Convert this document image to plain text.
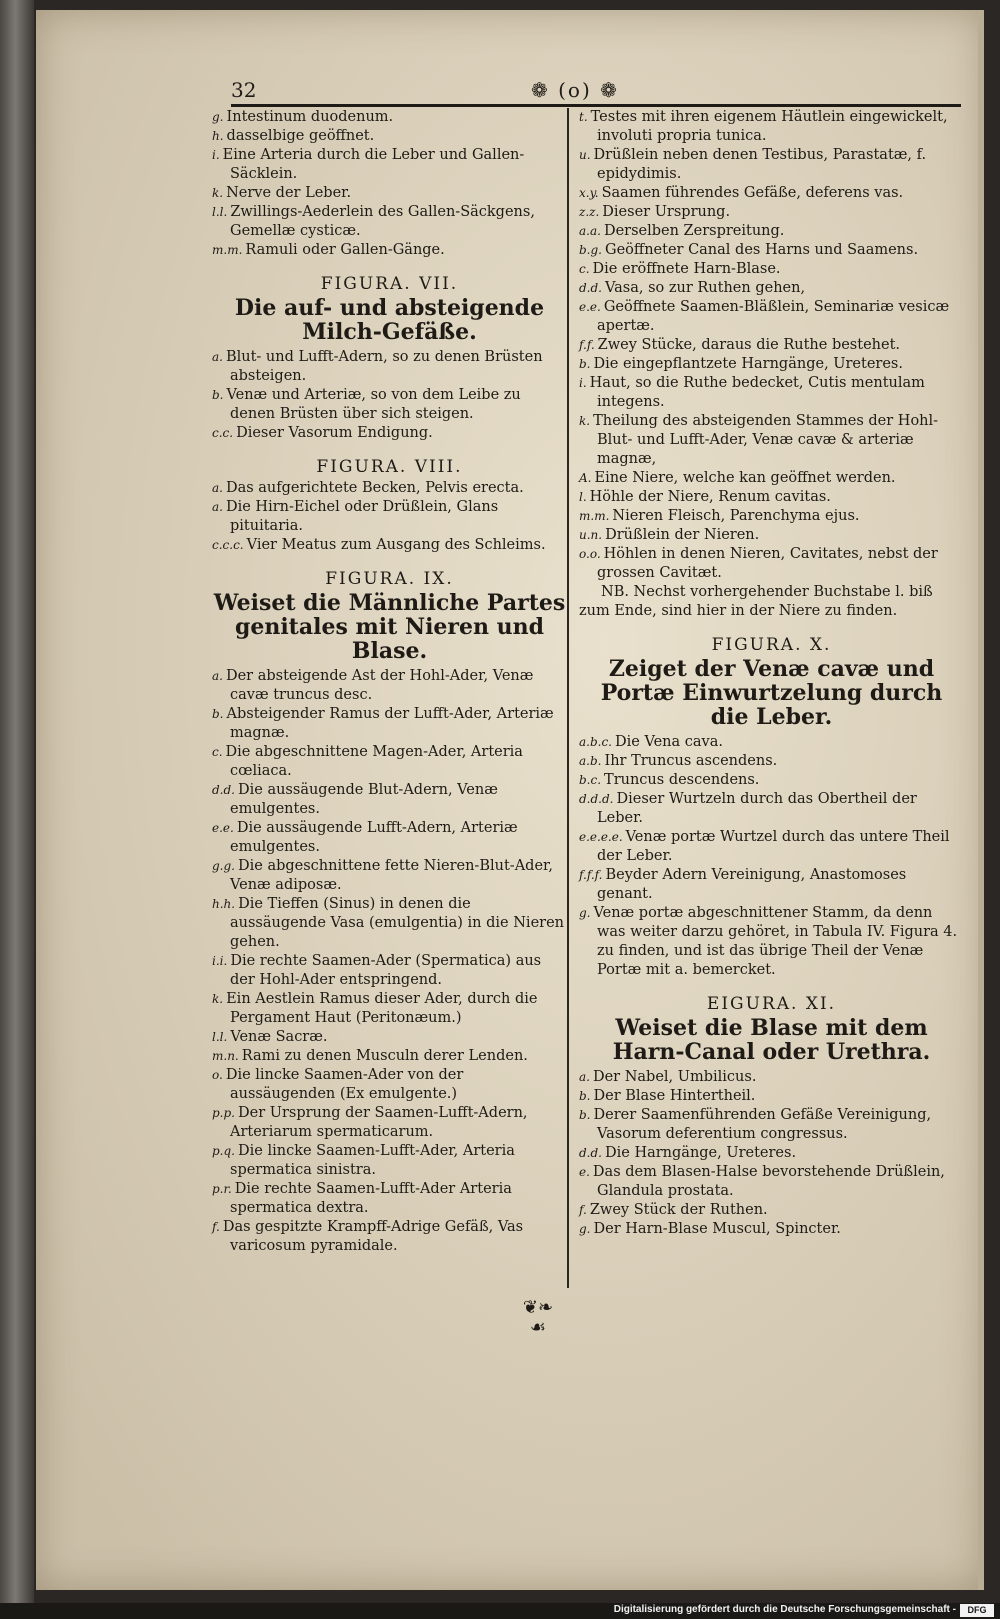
32	❁ (o) ❁

g. Intestinum duodenum.

h. dasselbige geöffnet.

i. Eine Arteria durch die Leber und Gallen-Säcklein.

k. Nerve der Leber.

l.l. Zwillings-Aederlein des Gallen-Säckgens, Gemellæ cysticæ.

m.m. Ramuli oder Gallen-Gänge.

FIGURA. VII.

Die auf- und absteigende Milch-Gefäße.

a. Blut- und Lufft-Adern, so zu denen Brüsten absteigen.

b. Venæ und Arteriæ, so von dem Leibe zu denen Brüsten über sich steigen.

c.c. Dieser Vasorum Endigung.

FIGURA. VIII.

a. Das aufgerichtete Becken, Pelvis erecta.

a. Die Hirn-Eichel oder Drüßlein, Glans pituitaria.

c.c.c. Vier Meatus zum Ausgang des Schleims.

FIGURA. IX.

Weiset die Männliche Partes genitales mit Nieren und Blase.

a. Der absteigende Ast der Hohl-Ader, Venæ cavæ truncus desc.

b. Absteigender Ramus der Lufft-Ader, Arteriæ magnæ.

c. Die abgeschnittene Magen-Ader, Arteria cœliaca.

d.d. Die aussäugende Blut-Adern, Venæ emulgentes.

e.e. Die aussäugende Lufft-Adern, Arteriæ emulgentes.

g.g. Die abgeschnittene fette Nieren-Blut-Ader, Venæ adiposæ.

h.h. Die Tieffen (Sinus) in denen die aussäugende Vasa (emulgentia) in die Nieren gehen.

i.i. Die rechte Saamen-Ader (Spermatica) aus der Hohl-Ader entspringend.

k. Ein Aestlein Ramus dieser Ader, durch die Pergament Haut (Peritonæum.)

l.l. Venæ Sacræ.

m.n. Rami zu denen Musculn derer Lenden.

o. Die lincke Saamen-Ader von der aussäugenden (Ex emulgente.)

p.p. Der Ursprung der Saamen-Lufft-Adern, Arteriarum spermaticarum.

p.q. Die lincke Saamen-Lufft-Ader, Arteria spermatica sinistra.

p.r. Die rechte Saamen-Lufft-Ader Arteria spermatica dextra.

f. Das gespitzte Krampff-Adrige Gefäß, Vas varicosum pyramidale.

t. Testes mit ihren eigenem Häutlein eingewickelt, involuti propria tunica.

u. Drüßlein neben denen Testibus, Parastatæ, f. epidydimis.

x.y. Saamen führendes Gefäße, deferens vas.

z.z. Dieser Ursprung.

a.a. Derselben Zerspreitung.

b.g. Geöffneter Canal des Harns und Saamens.

c. Die eröffnete Harn-Blase.

d.d. Vasa, so zur Ruthen gehen,

e.e. Geöffnete Saamen-Bläßlein, Seminariæ vesicæ apertæ.

f.f. Zwey Stücke, daraus die Ruthe bestehet.

b. Die eingepflantzete Harngänge, Ureteres.

i. Haut, so die Ruthe bedecket, Cutis mentulam integens.

k. Theilung des absteigenden Stammes der Hohl-Blut- und Lufft-Ader, Venæ cavæ & arteriæ magnæ,

A. Eine Niere, welche kan geöffnet werden.

l. Höhle der Niere, Renum cavitas.

m.m. Nieren Fleisch, Parenchyma ejus.

u.n. Drüßlein der Nieren.

o.o. Höhlen in denen Nieren, Cavitates, nebst der grossen Cavitæt.

NB. Nechst vorhergehender Buchstabe l. biß zum Ende, sind hier in der Niere zu finden.

FIGURA. X.

Zeiget der Venæ cavæ und Portæ Einwurtzelung durch die Leber.

a.b.c. Die Vena cava.

a.b. Ihr Truncus ascendens.

b.c. Truncus descendens.

d.d.d. Dieser Wurtzeln durch das Obertheil der Leber.

e.e.e.e. Venæ portæ Wurtzel durch das untere Theil der Leber.

f.f.f. Beyder Adern Vereinigung, Anastomoses genant.

g. Venæ portæ abgeschnittener Stamm, da denn was weiter darzu gehöret, in Tabula IV. Figura 4. zu finden, und ist das übrige Theil der Venæ Portæ mit a. bemercket.

EIGURA. XI.

Weiset die Blase mit dem Harn-Canal oder Urethra.

a. Der Nabel, Umbilicus.

b. Der Blase Hintertheil.

b. Derer Saamenführenden Gefäße Vereinigung, Vasorum deferentium congressus.

d.d. Die Harngänge, Ureteres.

e. Das dem Blasen-Halse bevorstehende Drüßlein, Glandula prostata.

f. Zwey Stück der Ruthen.

g. Der Harn-Blase Muscul, Spincter.

❦❧
☙
Digitalisierung gefördert durch die Deutsche Forschungsgemeinschaft -	DFG
